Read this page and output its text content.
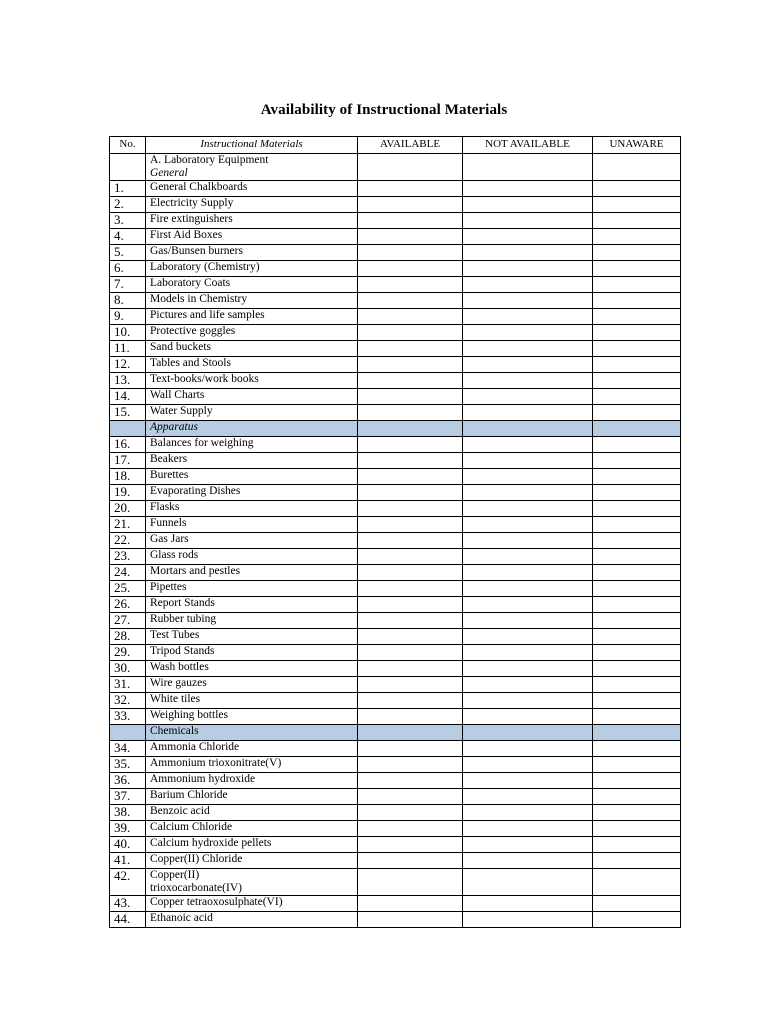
Availability of Instructional Materials
No.	Instructional Materials	AVAILABLE	NOT AVAILABLE	UNAWARE

	A. Laboratory Equipment
General			

1.	General Chalkboards			
2.	Electricity Supply			
3.	Fire extinguishers			
4.	First Aid Boxes			
5.	Gas/Bunsen burners			
6.	Laboratory (Chemistry)			
7.	Laboratory Coats			
8.	Models in Chemistry			
9.	Pictures and life samples			
10.	Protective goggles			
11.	Sand buckets			
12.	Tables and Stools			
13.	Text-books/work books			
14.	Wall Charts			
15.	Water Supply			
	Apparatus			
16.	Balances for weighing			
17.	Beakers			
18.	Burettes			
19.	Evaporating Dishes			
20.	Flasks			
21.	Funnels			
22.	Gas Jars			
23.	Glass rods			
24.	Mortars and pestles			
25.	Pipettes			
26.	Report Stands			
27.	Rubber tubing			
28.	Test Tubes			
29.	Tripod Stands			
30.	Wash bottles			
31.	Wire gauzes			
32.	White tiles			
33.	Weighing bottles			
	Chemicals			
34.	Ammonia Chloride			
35.	Ammonium trioxonitrate(V)			
36.	Ammonium hydroxide			
37.	Barium Chloride			
38.	Benzoic acid			
39.	Calcium Chloride			
40.	Calcium hydroxide pellets			
41.	Copper(II) Chloride			
42.	Copper(II)
trioxocarbonate(IV)			

43.	Copper tetraoxosulphate(VI)			
44.	Ethanoic acid			
